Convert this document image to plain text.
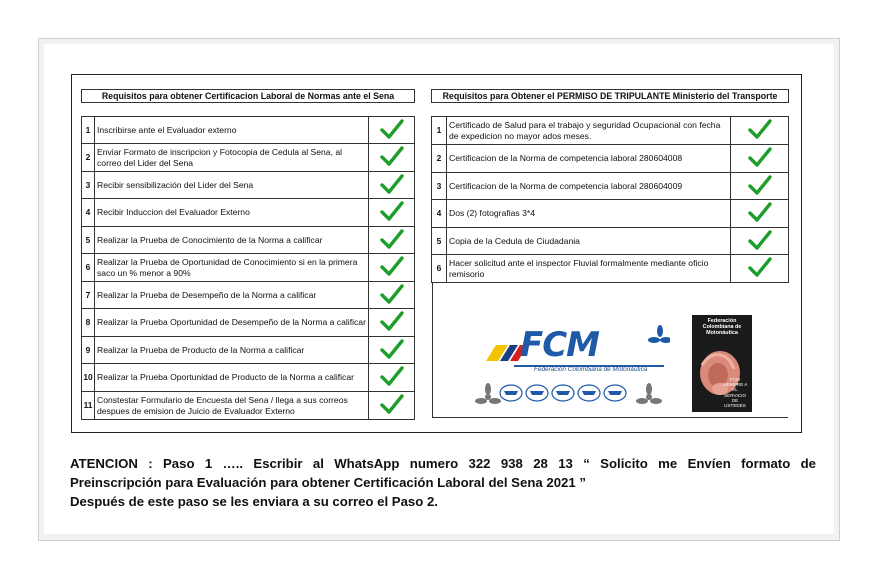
Requisitos para obtener Certificacion Laboral de Normas ante el Sena	Requisitos para Obtener el PERMISO DE TRIPULANTE Ministerio del Transporte
1	Inscribirse ante el Evaluador externo	

2	Enviar Formato de inscripcion y Fotocopia de Cedula al Sena, al correo del Lider del Sena	

3	Recibir sensibilización del Lider del Sena	

4	Recibir Induccion del Evaluador Externo	

5	Realizar la Prueba de Conocimiento de la Norma a calificar	

6	Realizar la Prueba de Oportunidad de Conocimiento si en la primera saco un % menor a 90%	

7	Realizar la Prueba de Desempeño de la Norma a calificar	

8	Realizar la Prueba Oportunidad de Desempeño de la Norma a calificar	

9	Realizar la Prueba de Producto de la Norma a calificar	

10	Realizar la Prueba Oportunidad de Producto de la Norma a calificar	

11	Constestar Formulario de Encuesta del Sena / llega a sus correos despues de emision de Juicio de Evaluador Externo	
1	Certificado de Salud para el trabajo y seguridad Ocupacional con fecha de expedicion no mayor ados meses.	

2	Certificacion de la Norma de competencia laboral 280604008	

3	Certificacion de la Norma de competencia laboral 280604009	

4	Dos (2) fotografias 3*4	

5	Copia de la Cedula de Ciudadania	

6	Hacer solicitud ante el inspector Fluvial formalmente mediante oficio remisorio	
FCM
Federación Colombiana de Motonáutica
Federación Colombiana de Motonáutica
FCM SIEMPRE A EL SERVICIO DE USTEDES
ATENCION : Paso 1 ….. Escribir al WhatsApp numero 322 938 28 13 “ Solicito me Envíen formato de
Preinscripción para Evaluación para obtener Certificación Laboral del Sena 2021 ”
Después de este paso se les enviara a su correo el Paso 2.
